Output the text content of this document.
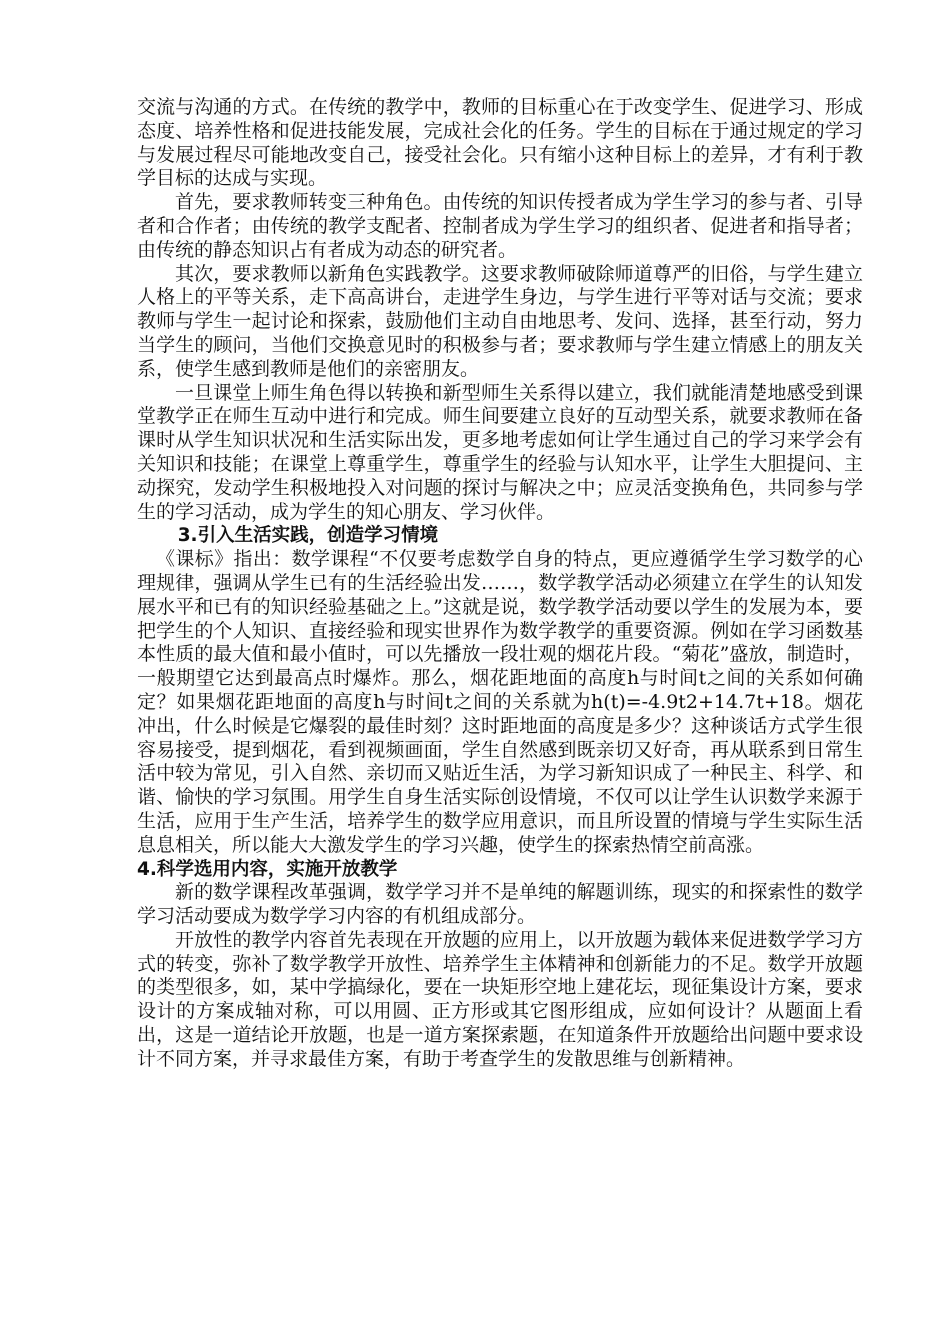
交流与沟通的方式。在传统的教学中，教师的目标重心在于改变学生、促进学习、形成态度、培养性格和促进技能发展，完成社会化的任务。学生的目标在于通过规定的学习与发展过程尽可能地改变自己，接受社会化。只有缩小这种目标上的差异，才有利于教学目标的达成与实现。

首先，要求教师转变三种角色。由传统的知识传授者成为学生学习的参与者、引导者和合作者；由传统的教学支配者、控制者成为学生学习的组织者、促进者和指导者；由传统的静态知识占有者成为动态的研究者。

其次，要求教师以新角色实践教学。这要求教师破除师道尊严的旧俗，与学生建立人格上的平等关系，走下高高讲台，走进学生身边，与学生进行平等对话与交流；要求教师与学生一起讨论和探索，鼓励他们主动自由地思考、发问、选择，甚至行动，努力当学生的顾问，当他们交换意见时的积极参与者；要求教师与学生建立情感上的朋友关系，使学生感到教师是他们的亲密朋友。

一旦课堂上师生角色得以转换和新型师生关系得以建立，我们就能清楚地感受到课堂教学正在师生互动中进行和完成。师生间要建立良好的互动型关系，就要求教师在备课时从学生知识状况和生活实际出发，更多地考虑如何让学生通过自己的学习来学会有关知识和技能；在课堂上尊重学生，尊重学生的经验与认知水平，让学生大胆提问、主动探究，发动学生积极地投入对问题的探讨与解决之中；应灵活变换角色，共同参与学生的学习活动，成为学生的知心朋友、学习伙伴。

3.引入生活实践，创造学习情境

《课标》指出：数学课程“不仅要考虑数学自身的特点，更应遵循学生学习数学的心理规律，强调从学生已有的生活经验出发……，数学教学活动必须建立在学生的认知发展水平和已有的知识经验基础之上。”这就是说，数学教学活动要以学生的发展为本，要把学生的个人知识、直接经验和现实世界作为数学教学的重要资源。例如在学习函数基本性质的最大值和最小值时，可以先播放一段壮观的烟花片段。“菊花”盛放，制造时，一般期望它达到最高点时爆炸。那么，烟花距地面的高度h与时间t之间的关系如何确定？如果烟花距地面的高度h与时间t之间的关系就为h(t)=-4.9t2+14.7t+18。烟花冲出，什么时候是它爆裂的最佳时刻？这时距地面的高度是多少？这种谈话方式学生很容易接受，提到烟花，看到视频画面，学生自然感到既亲切又好奇，再从联系到日常生活中较为常见，引入自然、亲切而又贴近生活，为学习新知识成了一种民主、科学、和谐、愉快的学习氛围。用学生自身生活实际创设情境，不仅可以让学生认识数学来源于生活，应用于生产生活，培养学生的数学应用意识，而且所设置的情境与学生实际生活息息相关，所以能大大激发学生的学习兴趣，使学生的探索热情空前高涨。

4.科学选用内容，实施开放教学

新的数学课程改革强调，数学学习并不是单纯的解题训练，现实的和探索性的数学学习活动要成为数学学习内容的有机组成部分。

开放性的教学内容首先表现在开放题的应用上，以开放题为载体来促进数学学习方式的转变，弥补了数学教学开放性、培养学生主体精神和创新能力的不足。数学开放题的类型很多，如，某中学搞绿化，要在一块矩形空地上建花坛，现征集设计方案，要求设计的方案成轴对称，可以用圆、正方形或其它图形组成，应如何设计？从题面上看出，这是一道结论开放题，也是一道方案探索题，在知道条件开放题给出问题中要求设计不同方案，并寻求最佳方案，有助于考查学生的发散思维与创新精神。
